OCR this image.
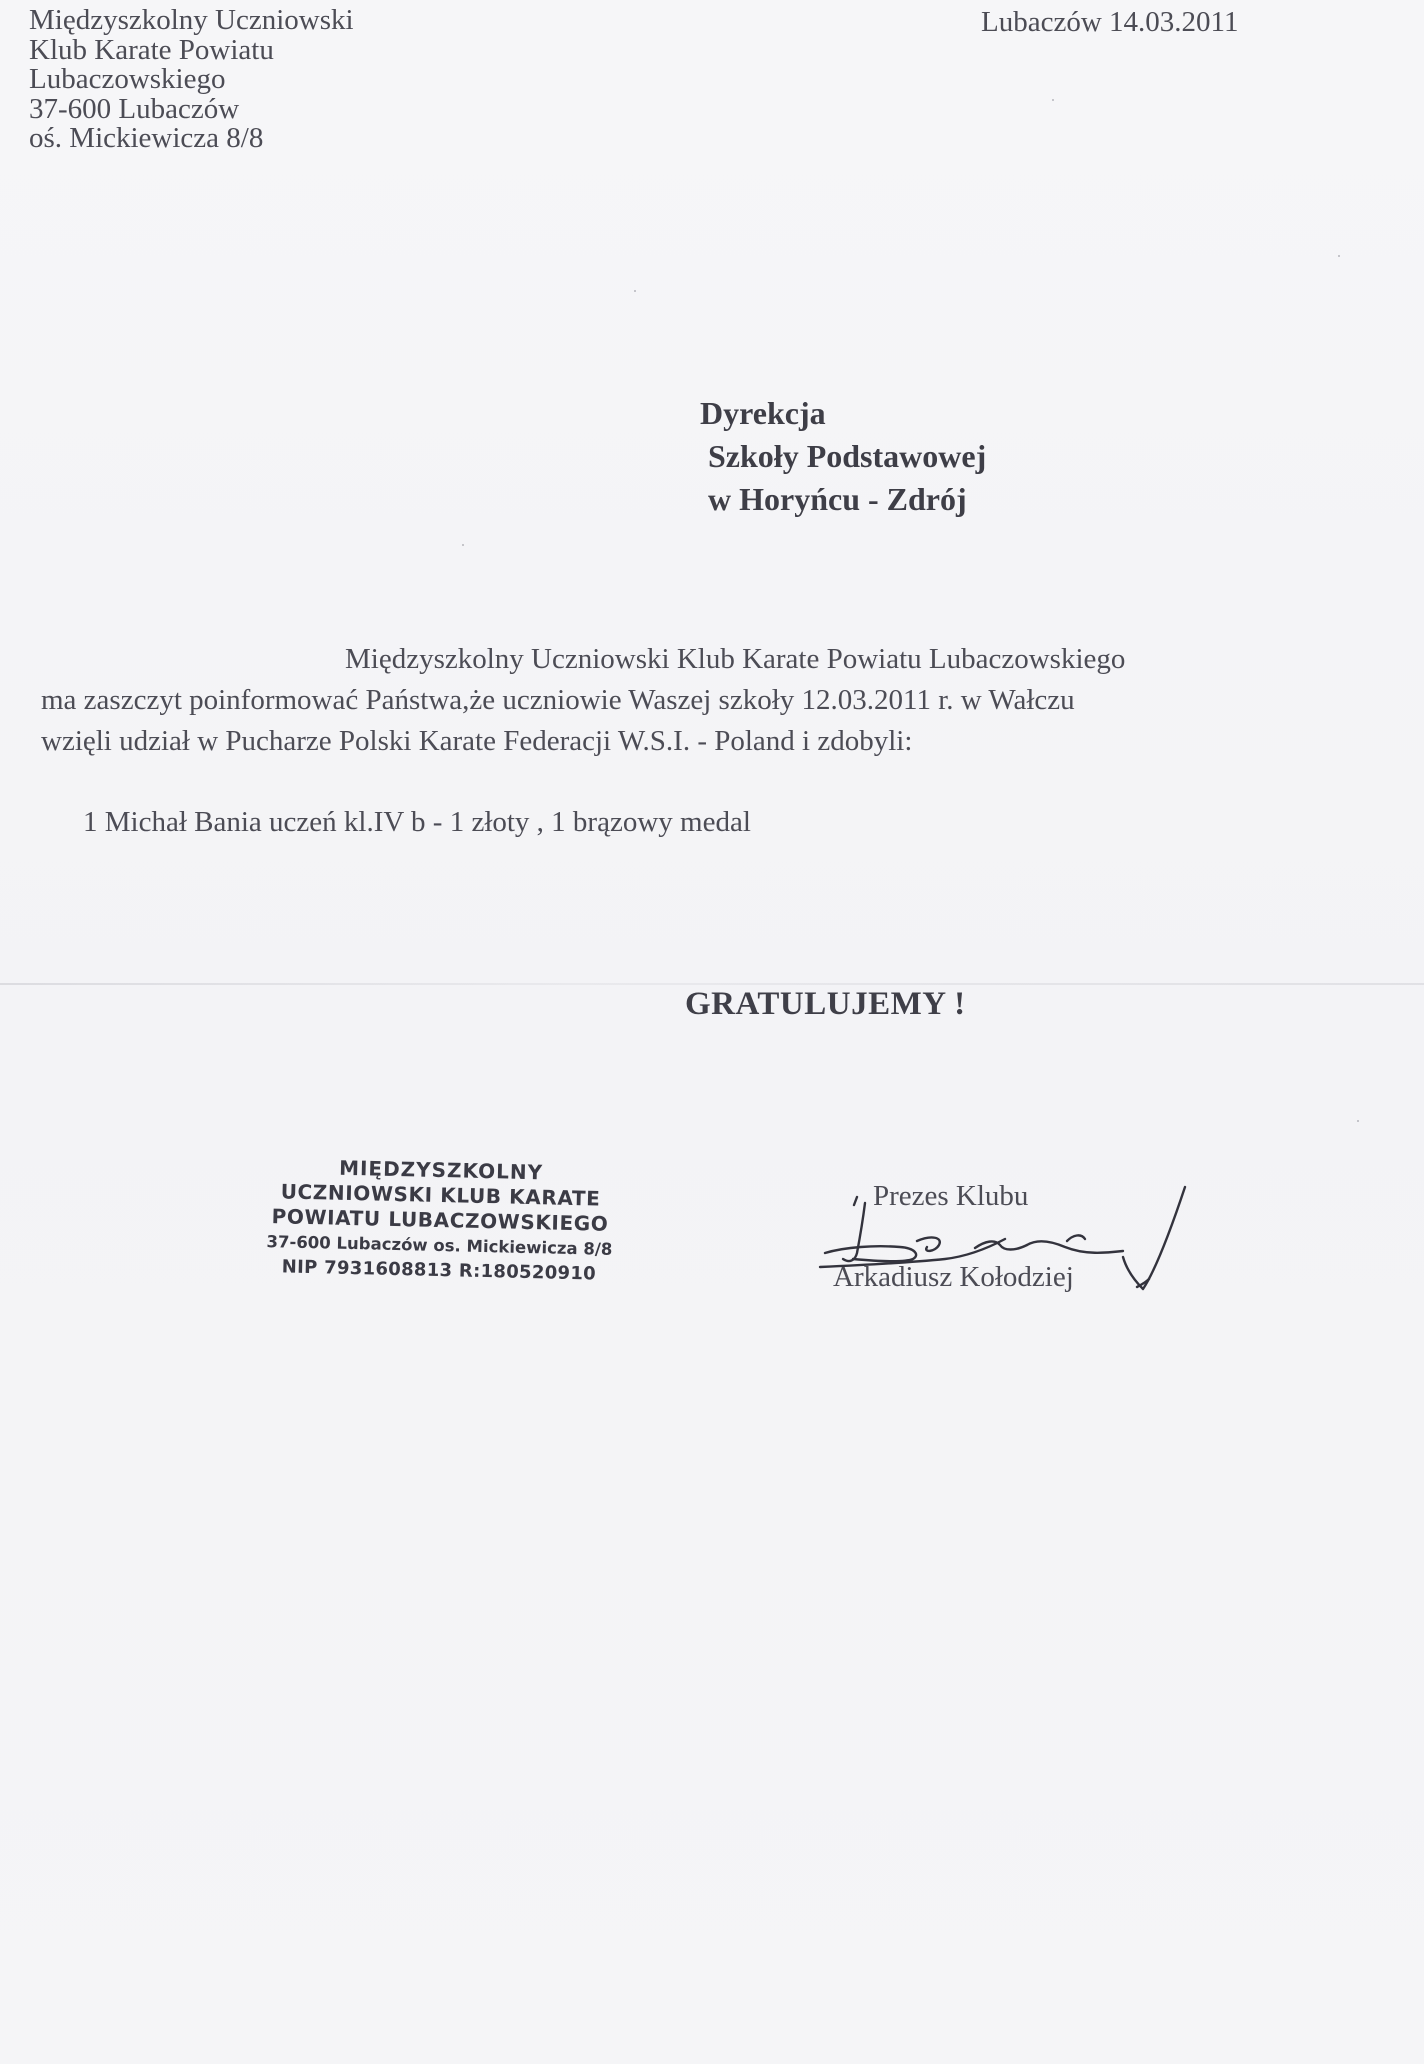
Międzyszkolny Uczniowski
Klub Karate Powiatu
Lubaczowskiego
37-600 Lubaczów
oś. Mickiewicza 8/8
Lubaczów 14.03.2011
Dyrekcja
Szkoły Podstawowej
w Horyńcu - Zdrój
Międzyszkolny Uczniowski Klub Karate Powiatu Lubaczowskiego
ma zaszczyt poinformować Państwa,że uczniowie Waszej szkoły 12.03.2011 r. w Wałczu
wzięli udział w Pucharze Polski Karate Federacji W.S.I. - Poland i zdobyli:
1 Michał Bania uczeń kl.IV b - 1 złoty , 1 brązowy medal
GRATULUJEMY !
MIĘDZYSZKOLNY
UCZNIOWSKI KLUB KARATE
POWIATU LUBACZOWSKIEGO
37-600 Lubaczów os. Mickiewicza 8/8
NIP 7931608813 R:180520910
Prezes Klubu
Arkadiusz Kołodziej
